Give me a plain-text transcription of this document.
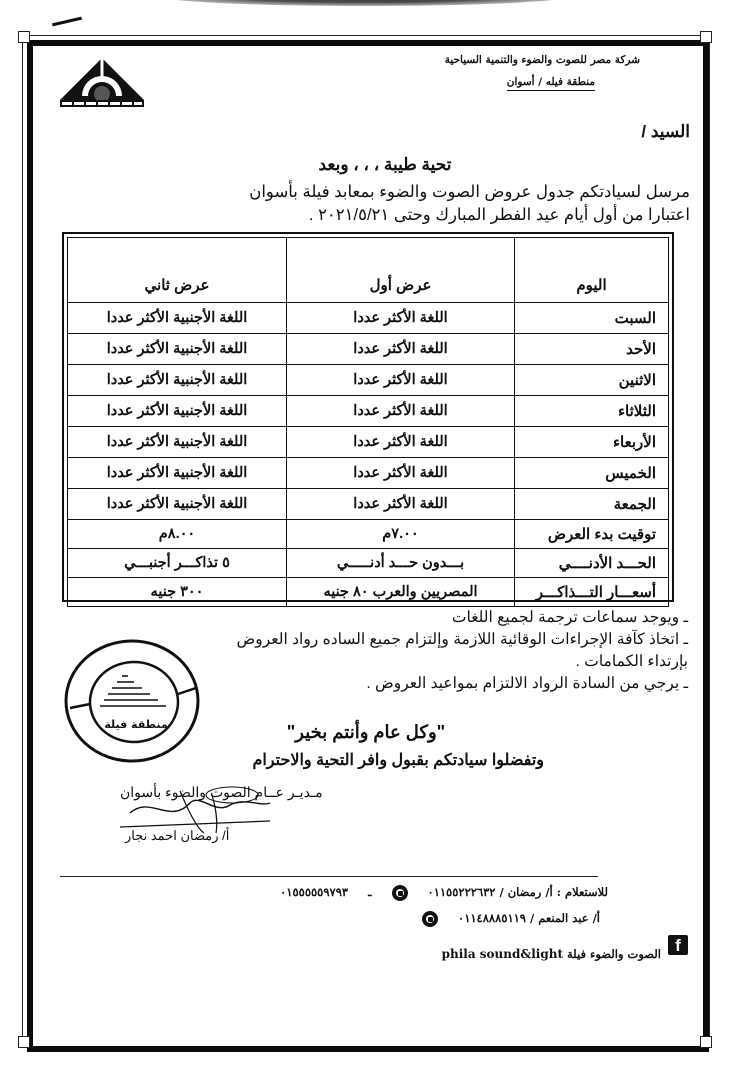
شركة مصر للصوت والضوء والتنمية السياحية
منطقة فيله / أسوان
السيد /
تحية طيبة ، ، ، وبعد
مرسل لسيادتكم جدول عروض الصوت والضوء بمعابد فيلة بأسوان
اعتبارا من أول أيام عيد الفطر المبارك وحتى ٢٠٢١/٥/٢١ .
اليوم	عرض أول	عرض ثاني
السبت	اللغة الأكثر عددا	اللغة الأجنبية الأكثر عددا
الأحد	اللغة الأكثر عددا	اللغة الأجنبية الأكثر عددا
الاثنين	اللغة الأكثر عددا	اللغة الأجنبية الأكثر عددا
الثلاثاء	اللغة الأكثر عددا	اللغة الأجنبية الأكثر عددا
الأربعاء	اللغة الأكثر عددا	اللغة الأجنبية الأكثر عددا
الخميس	اللغة الأكثر عددا	اللغة الأجنبية الأكثر عددا
الجمعة	اللغة الأكثر عددا	اللغة الأجنبية الأكثر عددا
توقيت بدء العرض	٧.٠٠م	٨.٠٠م
الحـــد الأدنــــي	بـــدون حـــد أدنـــــي	٥ تذاكـــر أجنبـــي
أسعـــار التـــذاكـــر	المصريين والعرب ٨٠ جنيه	٣٠٠ جنيه
ـ ويوجد سماعات ترجمة لجميع اللغات
ـ اتخاذ كآفة الإجراءات الوقائية اللازمة وإلتزام جميع الساده رواد العروض
بإرتداء الكمامات .
ـ يرجي من السادة الرواد الالتزام بمواعيد العروض .
منطقة فيلة	"وكل عام وأنتم بخير"
وتفضلوا سيادتكم بقبول وافر التحية والاحترام
مـديـر عــام الصوت والضوء بأسوان
أ/ رمضان احمد نجار
للاستعلام : أ/ رمضان / ٠١١٥٥٢٢٢٦٣٢    ـ  ٠١٥٥٥٥٥٩٧٩٣
أ/ عبد المنعم / ٠١١٤٨٨٨٥١١٩
f الصوت والضوء فيلة phila sound&light
